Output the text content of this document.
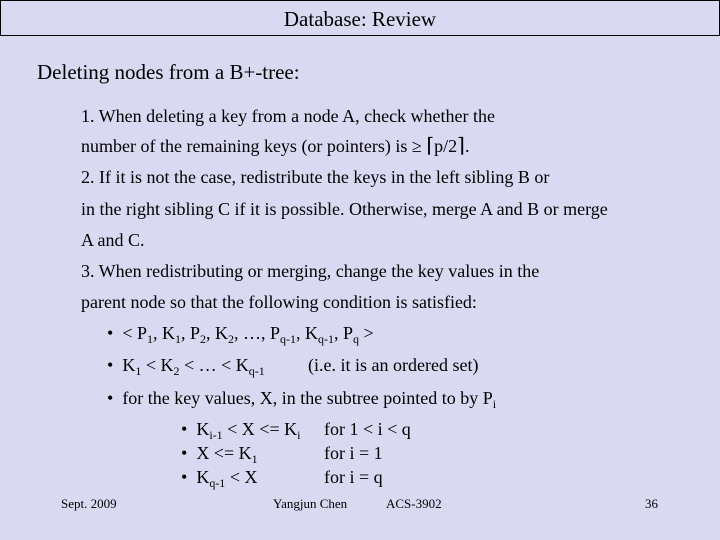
Database: Review
Deleting nodes from a B+-tree:
1. When deleting a key from a node A, check whether the
number of the remaining keys (or pointers) is ≥ ⌈p/2⌉.
2. If it is not the case, redistribute the keys in the left sibling B or
in the right sibling C if it is possible. Otherwise, merge A and B or merge
A and C.
3. When redistributing or merging, change the key values in the
parent node so that the following condition is satisfied:
• < $P_1$, $K_1$, $P_2$, $K_2$, …, $P_{q-1}$, $K_{q-1}$, $P_q$ >
• $K_1 < K_2$ < … < $K_{q-1}$ (i.e. it is an ordered set)
• for the key values, X, in the subtree pointed to by $P_i$
• $K_{i-1} < X <= K_i$ for 1 < i < q
• $X <= K_1$	for i = 1
• $K_{q-1} < X$	for i = q
Sept. 2009	Yangjun Chen	ACS-3902	36
